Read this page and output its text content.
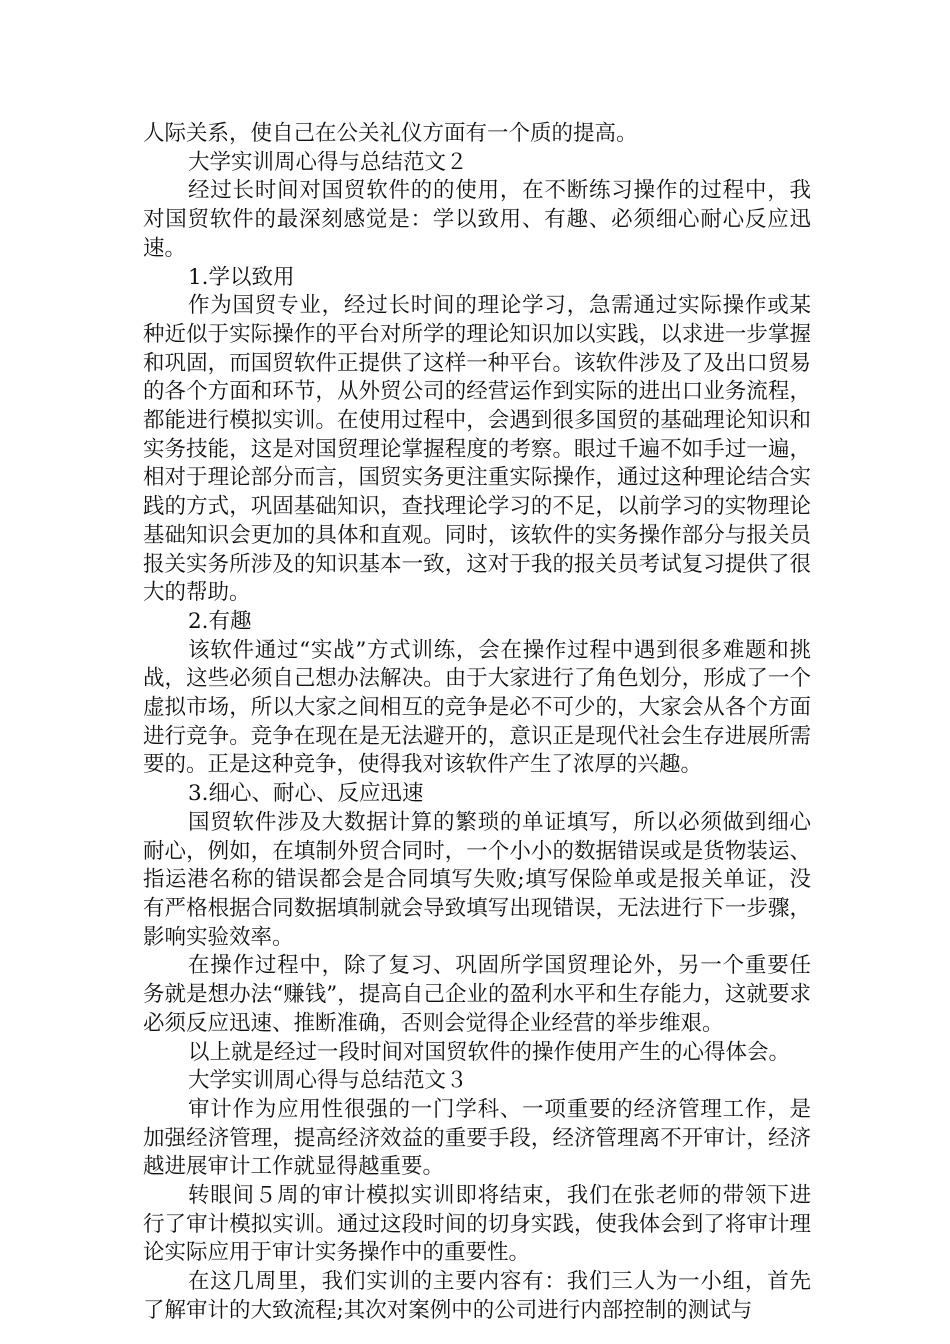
人际关系，使自己在公关礼仪方面有一个质的提高。

大学实训周心得与总结范文２

经过长时间对国贸软件的的使用，在不断练习操作的过程中，我对国贸软件的最深刻感觉是：学以致用、有趣、必须细心耐心反应迅速。

1.学以致用

作为国贸专业，经过长时间的理论学习，急需通过实际操作或某种近似于实际操作的平台对所学的理论知识加以实践，以求进一步掌握和巩固，而国贸软件正提供了这样一种平台。该软件涉及了及出口贸易的各个方面和环节，从外贸公司的经营运作到实际的进出口业务流程，都能进行模拟实训。在使用过程中，会遇到很多国贸的基础理论知识和实务技能，这是对国贸理论掌握程度的考察。眼过千遍不如手过一遍，相对于理论部分而言，国贸实务更注重实际操作，通过这种理论结合实践的方式，巩固基础知识，查找理论学习的不足，以前学习的实物理论基础知识会更加的具体和直观。同时，该软件的实务操作部分与报关员报关实务所涉及的知识基本一致，这对于我的报关员考试复习提供了很大的帮助。

2.有趣

该软件通过“实战”方式训练，会在操作过程中遇到很多难题和挑战，这些必须自己想办法解决。由于大家进行了角色划分，形成了一个虚拟市场，所以大家之间相互的竞争是必不可少的，大家会从各个方面进行竞争。竞争在现在是无法避开的，意识正是现代社会生存进展所需要的。正是这种竞争，使得我对该软件产生了浓厚的兴趣。

3.细心、耐心、反应迅速

国贸软件涉及大数据计算的繁琐的单证填写，所以必须做到细心耐心，例如，在填制外贸合同时，一个小小的数据错误或是货物装运、指运港名称的错误都会是合同填写失败;填写保险单或是报关单证，没有严格根据合同数据填制就会导致填写出现错误，无法进行下一步骤，影响实验效率。

在操作过程中，除了复习、巩固所学国贸理论外，另一个重要任务就是想办法“赚钱”，提高自己企业的盈利水平和生存能力，这就要求必须反应迅速、推断准确，否则会觉得企业经营的举步维艰。

以上就是经过一段时间对国贸软件的操作使用产生的心得体会。

大学实训周心得与总结范文３

审计作为应用性很强的一门学科、一项重要的经济管理工作，是加强经济管理，提高经济效益的重要手段，经济管理离不开审计，经济越进展审计工作就显得越重要。

转眼间５周的审计模拟实训即将结束，我们在张老师的带领下进行了审计模拟实训。通过这段时间的切身实践，使我体会到了将审计理论实际应用于审计实务操作中的重要性。

在这几周里，我们实训的主要内容有：我们三人为一小组，首先了解审计的大致流程;其次对案例中的公司进行内部控制的测试与
